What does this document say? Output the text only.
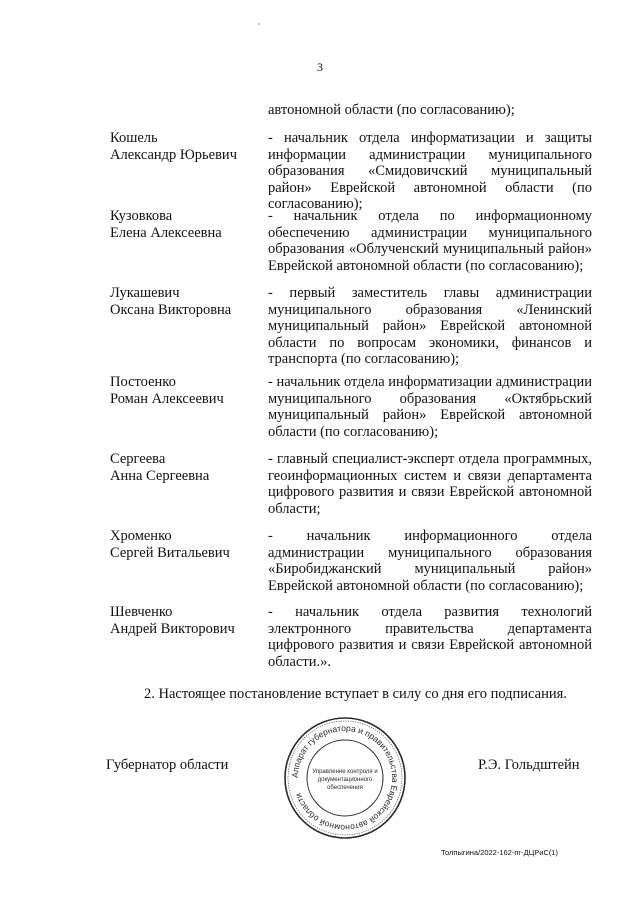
3
автономной области (по согласованию);
Кошель
Александр Юрьевич
- начальник отдела информатизации и защиты информации администрации муниципального образования «Смидовичский муниципальный район» Еврейской автономной области (по согласованию);
Кузовкова
Елена Алексеевна
- начальник отдела по информационному обеспечению администрации муниципального образования «Облученский муниципальный район» Еврейской автономной области (по согласованию);
Лукашевич
Оксана Викторовна
- первый заместитель главы администрации муниципального образования «Ленинский муниципальный район» Еврейской автономной области по вопросам экономики, финансов и транспорта (по согласованию);
Постоенко
Роман Алексеевич
- начальник отдела информатизации администрации муниципального образования «Октябрьский муниципальный район» Еврейской автономной области (по согласованию);
Сергеева
Анна Сергеевна
- главный специалист-эксперт отдела программных, геоинформационных систем и связи департамента цифрового развития и связи Еврейской автономной области;
Хроменко
Сергей Витальевич
- начальник информационного отдела администрации муниципального образования «Биробиджанский муниципальный район» Еврейской автономной области (по согласованию);
Шевченко
Андрей Викторович
- начальник отдела развития технологий электронного правительства департамента цифрового развития и связи Еврейской автономной области.».
2. Настоящее постановление вступает в силу со дня его подписания.
Губернатор области	Р.Э. Гольдштейн
Аппарат губернатора и правительства Еврейской автономной области
Управление контроля и
документационного
обеспечения
Толпыгина/2022-162-пг-ДЦРиС(1)
